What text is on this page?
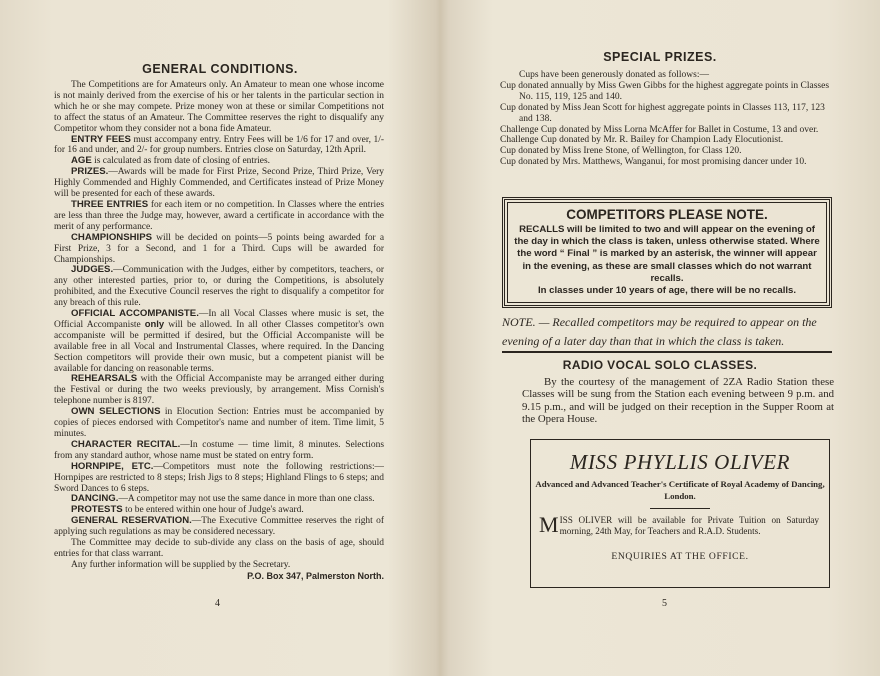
GENERAL CONDITIONS.

The Competitions are for Amateurs only. An Amateur to mean one whose income is not mainly derived from the exercise of his or her talents in the particular section in which he or she may compete. Prize money won at these or similar Competitions not to affect the status of an Amateur. The Committee reserves the right to disqualify any Competitor whom they consider not a bona fide Amateur.

ENTRY FEES must accompany entry. Entry Fees will be 1/6 for 17 and over, 1/- for 16 and under, and 2/- for group numbers. Entries close on Saturday, 12th April.

AGE is calculated as from date of closing of entries.

PRIZES.—Awards will be made for First Prize, Second Prize, Third Prize, Very Highly Commended and Highly Commended, and Certificates instead of Prize Money will be presented for each of these awards.

THREE ENTRIES for each item or no competition. In Classes where the entries are less than three the Judge may, however, award a certificate in accordance with the merit of any performance.

CHAMPIONSHIPS will be decided on points—5 points being awarded for a First Prize, 3 for a Second, and 1 for a Third. Cups will be awarded for Championships.

JUDGES.—Communication with the Judges, either by competitors, teachers, or any other interested parties, prior to, or during the Competitions, is absolutely prohibited, and the Executive Council reserves the right to disqualify a competitor for any breach of this rule.

OFFICIAL ACCOMPANISTE.—In all Vocal Classes where music is set, the Official Accompaniste only will be allowed. In all other Classes competitor's own accompaniste will be permitted if desired, but the Official Accompaniste will be available free in all Vocal and Instrumental Classes, where required. In the Dancing Section competitors will provide their own music, but a competent pianist will be available for dancing on reasonable terms.

REHEARSALS with the Official Accompaniste may be arranged either during the Festival or during the two weeks previously, by arrangement. Miss Cornish's telephone number is 8197.

OWN SELECTIONS in Elocution Section: Entries must be accompanied by copies of pieces endorsed with Competitor's name and number of item. Time limit, 5 minutes.

CHARACTER RECITAL.—In costume — time limit, 8 minutes. Selections from any standard author, whose name must be stated on entry form.

HORNPIPE, ETC.—Competitors must note the following restrictions:—Hornpipes are restricted to 8 steps; Irish Jigs to 8 steps; Highland Flings to 6 steps; and Sword Dances to 6 steps.

DANCING.—A competitor may not use the same dance in more than one class.

PROTESTS to be entered within one hour of Judge's award.

GENERAL RESERVATION.—The Executive Committee reserves the right of applying such regulations as may be considered necessary.

The Committee may decide to sub-divide any class on the basis of age, should entries for that class warrant.

Any further information will be supplied by the Secretary.

P.O. Box 347, Palmerston North.
4
SPECIAL PRIZES.
Cups have been generously donated as follows:—
Cup donated annually by Miss Gwen Gibbs for the highest aggregate points in Classes No. 115, 119, 125 and 140.
Cup donated by Miss Jean Scott for highest aggregate points in Classes 113, 117, 123 and 138.
Challenge Cup donated by Miss Lorna McAffer for Ballet in Costume, 13 and over.
Challenge Cup donated by Mr. R. Bailey for Champion Lady Elocutionist.
Cup donated by Miss Irene Stone, of Wellington, for Class 120.
Cup donated by Mrs. Matthews, Wanganui, for most promising dancer under 10.
COMPETITORS PLEASE NOTE.

RECALLS will be limited to two and will appear on the evening of the day in which the class is taken, unless otherwise stated. Where the word “ Final ” is marked by an asterisk, the winner will appear in the evening, as these are small classes which do not warrant recalls.

In classes under 10 years of age, there will be no recalls.

NOTE. — Recalled competitors may be required to appear on the evening of a later day than that in which the class is taken.
RADIO VOCAL SOLO CLASSES.
By the courtesy of the management of 2ZA Radio Station these Classes will be sung from the Station each evening between 9 p.m. and 9.15 p.m., and will be judged on their reception in the Supper Room at the Opera House.
MISS PHYLLIS OLIVER
Advanced and Advanced Teacher's Certificate of Royal Academy of Dancing, London.
MISS OLIVER will be available for Private Tuition on Saturday morning, 24th May, for Teachers and R.A.D. Students.
ENQUIRIES AT THE OFFICE.
5
